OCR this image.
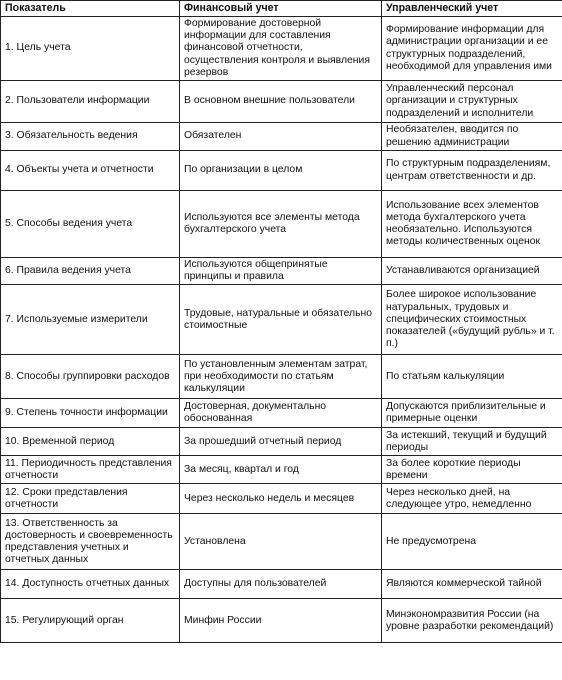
Показатель	Финансовый учет	Управленческий учет
1. Цель учета	Формирование достоверной информации для составления финансовой отчетности, осуществления контроля и выявления резервов	Формирование информации для администрации организации и ее структурных подразделений, необходимой для управления ими
2. Пользователи информации	В основном внешние пользователи	Управленческий персонал организации и структурных подразделений и исполнители
3. Обязательность ведения	Обязателен	Необязателен, вводится по решению администрации
4. Объекты учета и отчетности	По организации в целом	По структурным подразделениям, центрам ответственности и др.
5. Способы ведения учета	Используются все элементы метода бухгалтерского учета	Использование всех элементов метода бухгалтерского учета необязательно. Используются методы количественных оценок
6. Правила ведения учета	Используются общепринятые принципы и правила	Устанавливаются организацией
7. Используемые измерители	Трудовые, натуральные и обязательно стоимостные	Более широкое использование натуральных, трудовых и специфических стоимостных показателей («будущий рубль» и т. п.)
8. Способы группировки расходов	По установленным элементам затрат, при необходимости по статьям калькуляции	По статьям калькуляции
9. Степень точности информации	Достоверная, документально обоснованная	Допускаются приблизительные и примерные оценки
10. Временной период	За прошедший отчетный период	За истекший, текущий и будущий периоды
11. Периодичность представления отчетности	За месяц, квартал и год	За более короткие периоды времени
12. Сроки представления отчетности	Через несколько недель и месяцев	Через несколько дней, на следующее утро, немедленно
13. Ответственность за достоверность и своевременность представления учетных и отчетных данных	Установлена	Не предусмотрена
14. Доступность отчетных данных	Доступны для пользователей	Являются коммерческой тайной
15. Регулирующий орган	Минфин России	Минэкономразвития России (на уровне разработки рекомендаций)
